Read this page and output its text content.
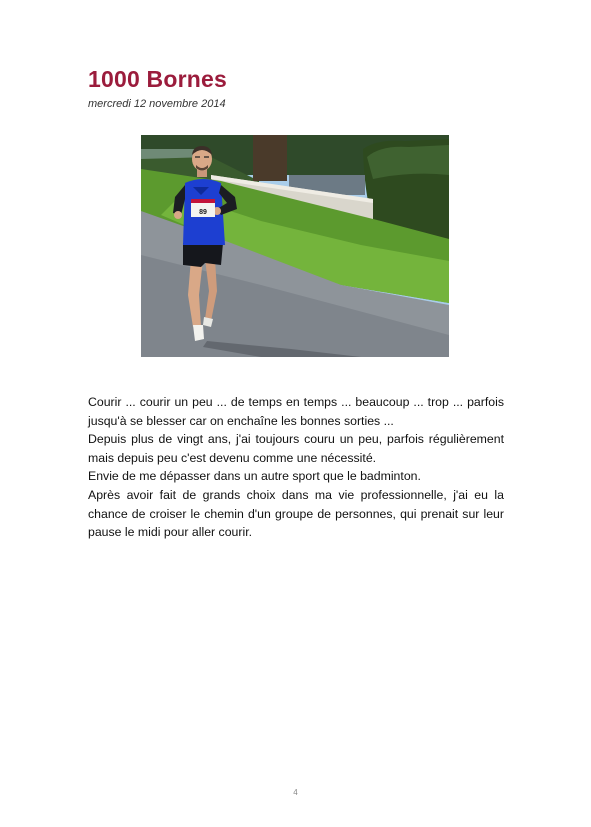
1000 Bornes
mercredi 12 novembre 2014
89

Courir ... courir un peu ... de temps en temps ... beaucoup ... trop ... parfois jusqu'à se blesser car on enchaîne les bonnes sorties ...

Depuis plus de vingt ans, j'ai toujours couru un peu, parfois régulièrement mais depuis peu c'est devenu comme une nécessité.

Envie de me dépasser dans un autre sport que le badminton.

Après avoir fait de grands choix dans ma vie professionnelle, j'ai eu la chance de croiser le chemin d'un groupe de personnes, qui prenait sur leur pause le midi pour aller courir.

4
